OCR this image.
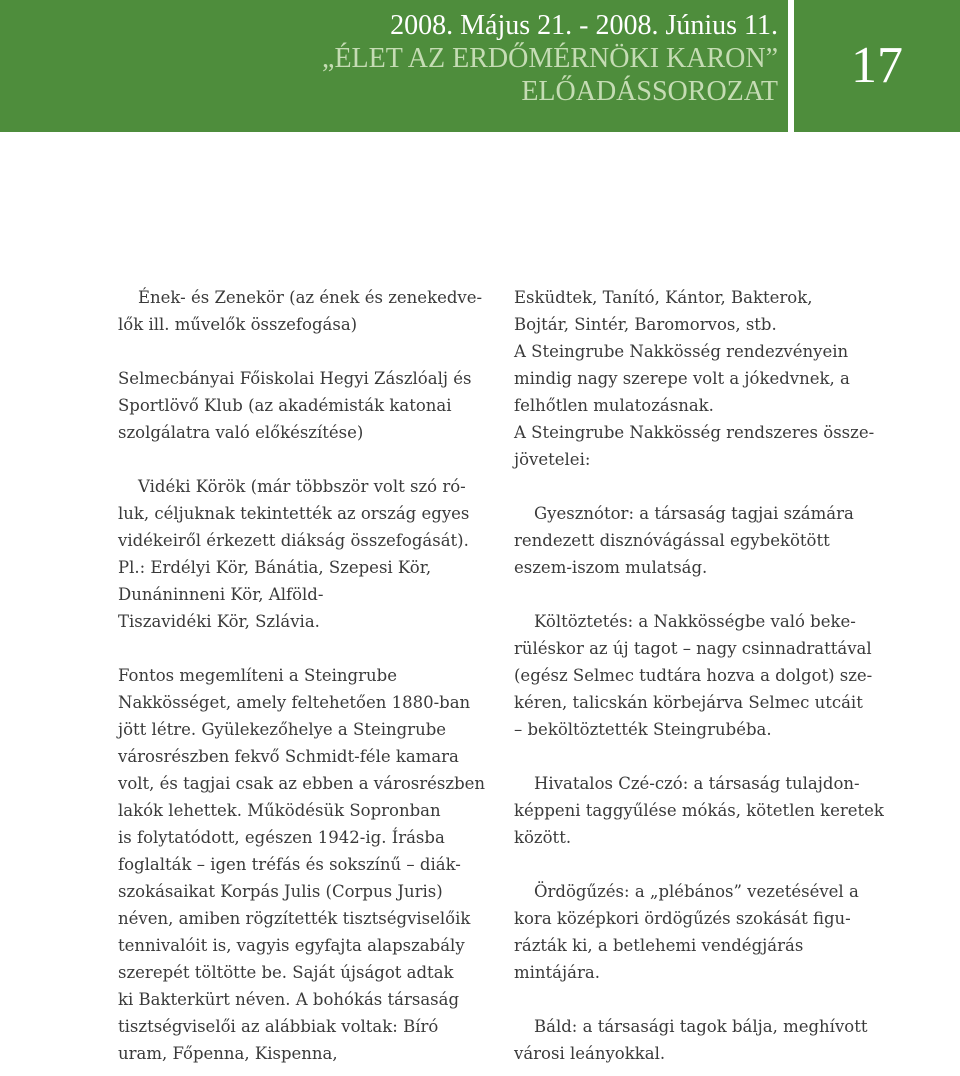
2008. Május 21. - 2008. Június 11.
„ÉLET AZ ERDŐMÉRNÖKI KARON”
ELŐADÁSSOROZAT	17
Ének- és Zenekör (az ének és zenekedve-
lők ill. művelők összefogása)
Selmecbányai Főiskolai Hegyi Zászlóalj és
Sportlövő Klub (az akadémisták katonai
szolgálatra való előkészítése)
Vidéki Körök (már többször volt szó ró-
luk, céljuknak tekintették az ország egyes
vidékeiről érkezett diákság összefogását).
Pl.: Erdélyi Kör, Bánátia, Szepesi Kör,
Dunáninneni Kör, Alföld-
Tiszavidéki Kör, Szlávia.
Fontos megemlíteni a Steingrube
Nakkösséget, amely feltehetően 1880-ban
jött létre. Gyülekezőhelye a Steingrube
városrészben fekvő Schmidt-féle kamara
volt, és tagjai csak az ebben a városrészben
lakók lehettek. Működésük Sopronban
is folytatódott, egészen 1942-ig. Írásba
foglalták – igen tréfás és sokszínű – diák-
szokásaikat Korpás Julis (Corpus Juris)
néven, amiben rögzítették tisztségviselőik
tennivalóit is, vagyis egyfajta alapszabály
szerepét töltötte be. Saját újságot adtak
ki Bakterkürt néven. A bohókás társaság
tisztségviselői az alábbiak voltak: Bíró
uram, Főpenna, Kispenna,
Esküdtek, Tanító, Kántor, Bakterok,
Bojtár, Sintér, Baromorvos, stb.
A Steingrube Nakkösség rendezvényein
mindig nagy szerepe volt a jókedvnek, a
felhőtlen mulatozásnak.
A Steingrube Nakkösség rendszeres össze-
jövetelei:
Gyesznótor: a társaság tagjai számára
rendezett disznóvágással egybekötött
eszem-iszom mulatság.
Költöztetés: a Nakkösségbe való beke-
rüléskor az új tagot – nagy csinnadrattával
(egész Selmec tudtára hozva a dolgot) sze-
kéren, talicskán körbejárva Selmec utcáit
– beköltöztették Steingrubéba.
Hivatalos Czé-czó: a társaság tulajdon-
képpeni taggyűlése mókás, kötetlen keretek
között.
Ördögűzés: a „plébános” vezetésével a
kora középkori ördögűzés szokását figu-
rázták ki, a betlehemi vendégjárás
mintájára.
Báld: a társasági tagok bálja, meghívott
városi leányokkal.
